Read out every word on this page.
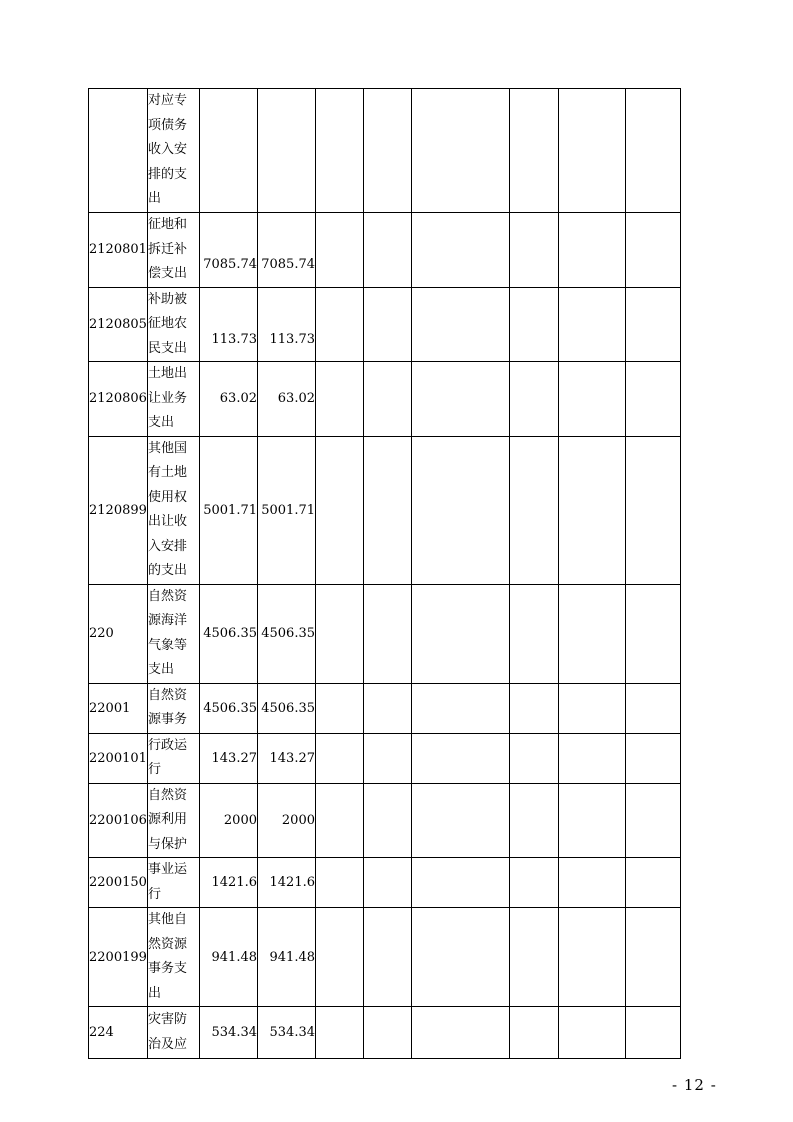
	对应专项债务收入安排的支出								
2120801	征地和拆迁补偿支出	7085.74	7085.74						
2120805	补助被征地农民支出	113.73	113.73						
2120806	土地出让业务支出	63.02	63.02						
2120899	其他国有土地使用权出让收入安排的支出	5001.71	5001.71						
220	自然资源海洋气象等支出	4506.35	4506.35						
22001	自然资源事务	4506.35	4506.35						
2200101	行政运行	143.27	143.27						
2200106	自然资源利用与保护	2000	2000						
2200150	事业运行	1421.6	1421.6						
2200199	其他自然资源事务支出	941.48	941.48						
224	灾害防治及应	534.34	534.34						
- 12 -
